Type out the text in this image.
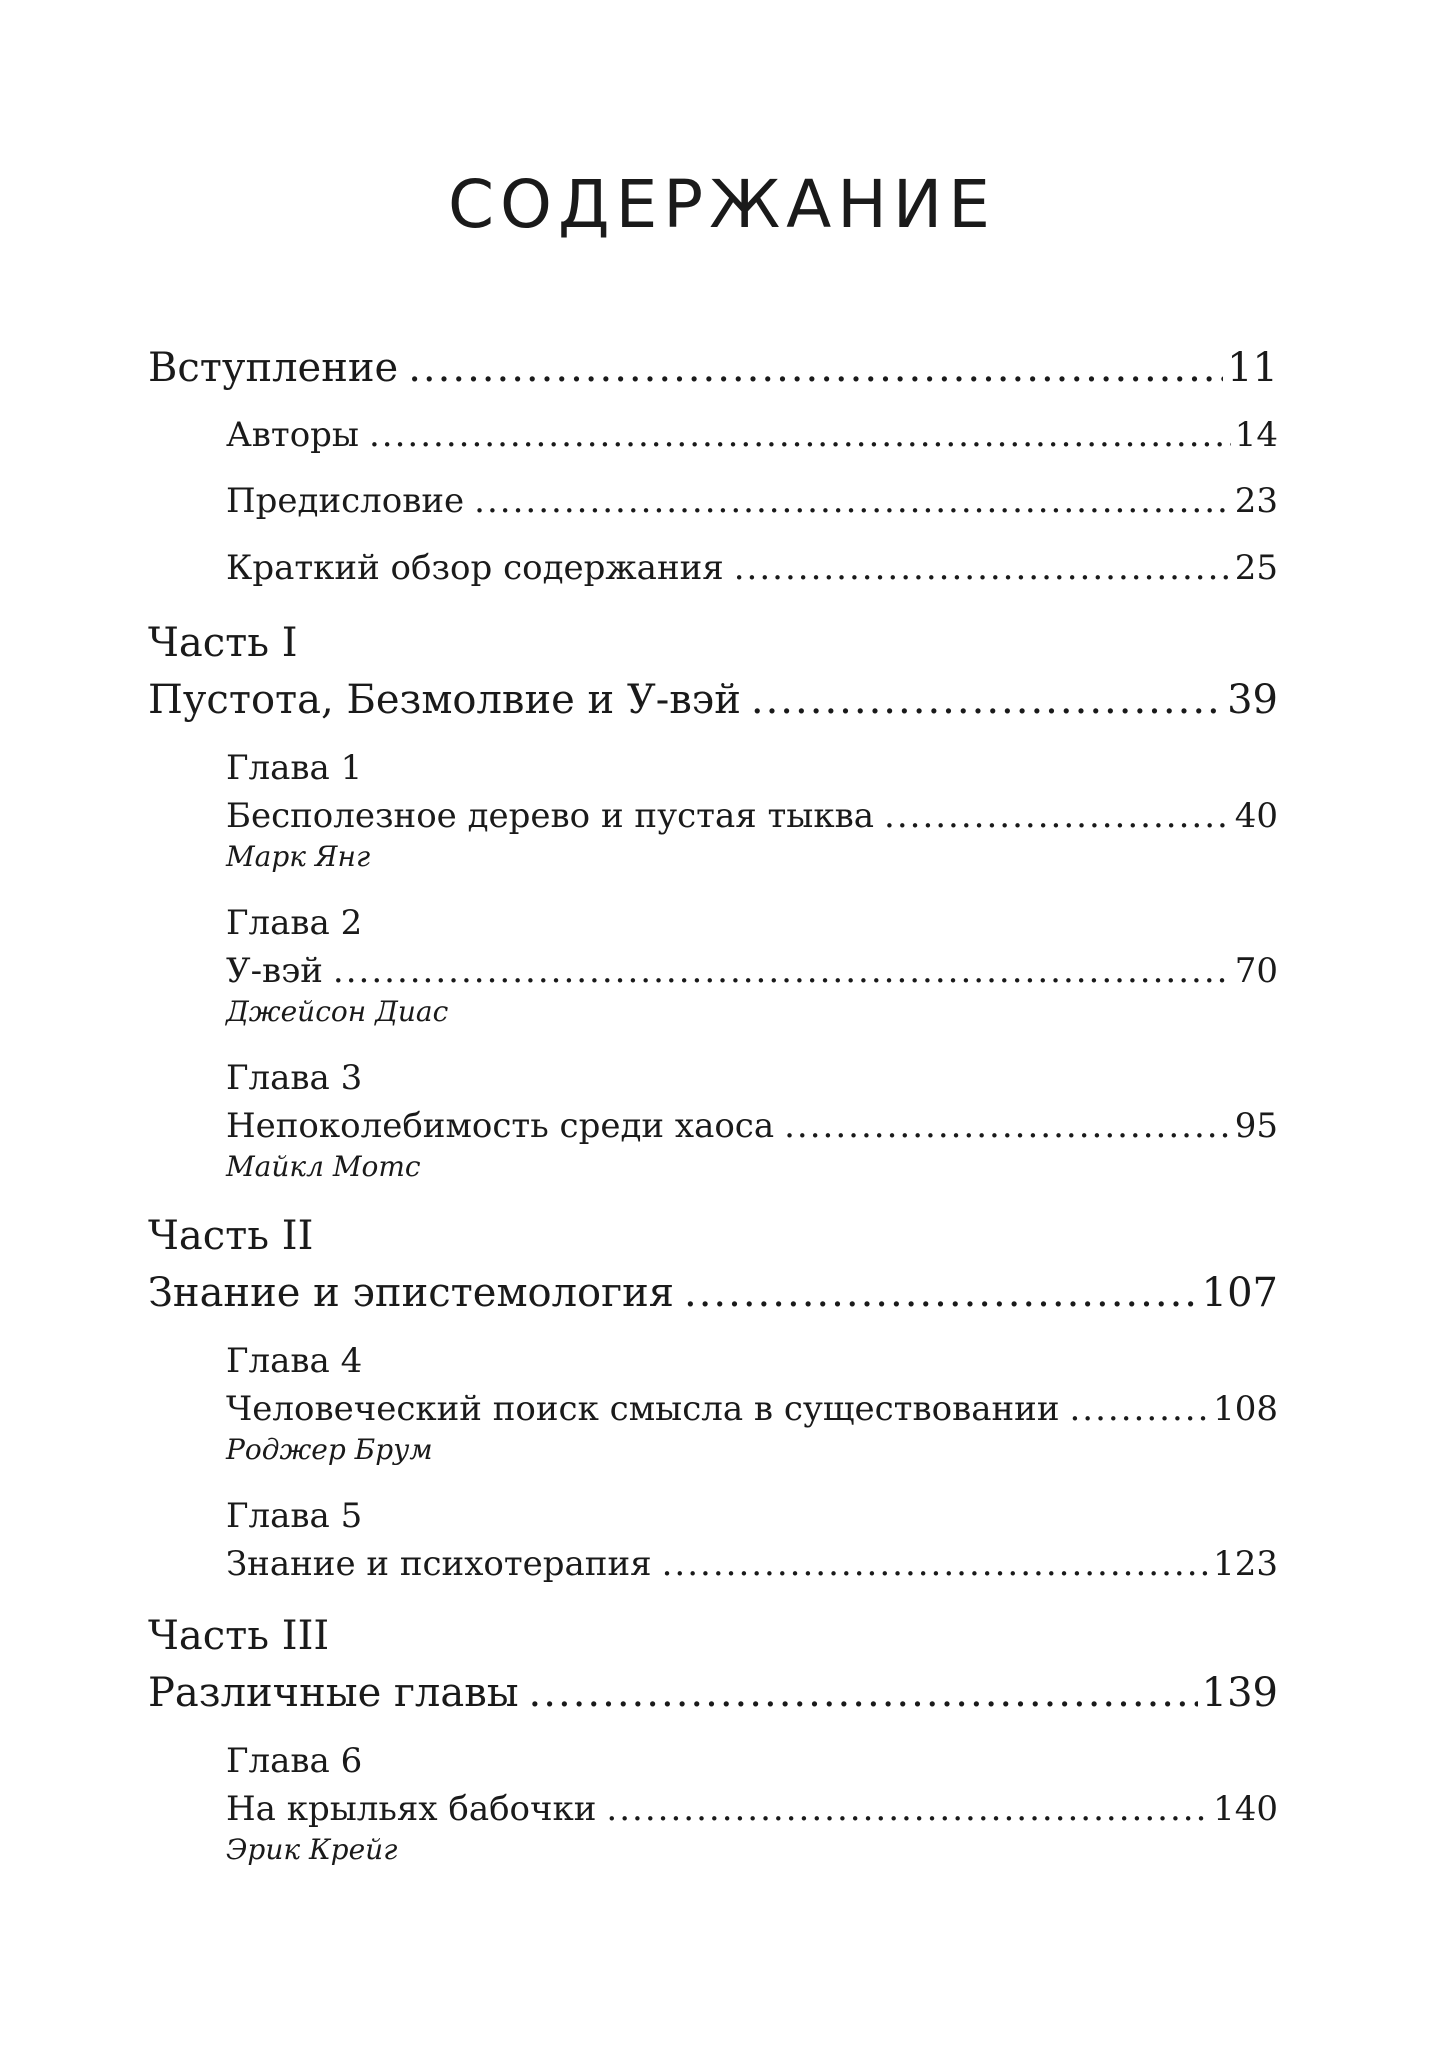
СОДЕРЖАНИЕ
Вступление .....	11
Авторы .....	14
Предисловие .....	23
Краткий обзор содержания .....	25
Часть I
Пустота, Безмолвие и У-вэй .....	39
Глава 1
Бесполезное дерево и пустая тыква .....	40
Марк Янг
Глава 2
У-вэй .....	70
Джейсон Диас
Глава 3
Непоколебимость среди хаоса .....	95
Майкл Мотс
Часть II
Знание и эпистемология .....	107
Глава 4
Человеческий поиск смысла в существовании .....	108
Роджер Брум
Глава 5
Знание и психотерапия .....	123
Часть III
Различные главы .....	139
Глава 6
На крыльях бабочки .....	140
Эрик Крейг
